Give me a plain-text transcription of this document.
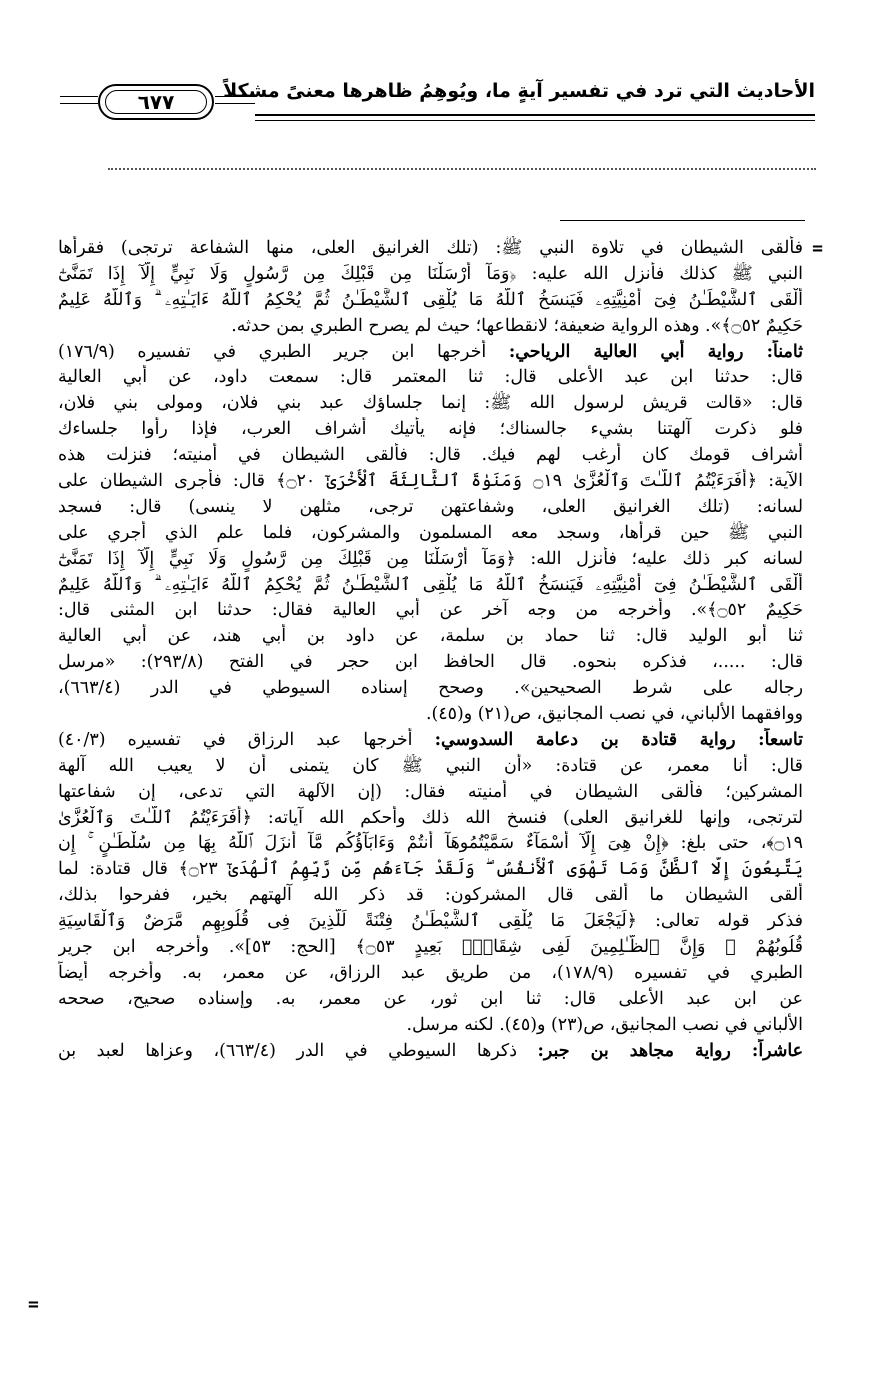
الأحاديث التي ترد في تفسير آيةٍ ما، ويُوهِمُ ظاهرها معنىً مشكلاً
٦٧٧
=
=
فألقى الشيطان في تلاوة النبي ﷺ: (تلك الغرانيق العلى، منها الشفاعة ترتجى) فقرأها
النبي ﷺ كذلك فأنزل الله عليه: ﴿وَمَآ أَرْسَلْنَا مِن قَبْلِكَ مِن رَّسُولٍ وَلَا نَبِيٍّ إِلَّآ إِذَا تَمَنَّىٰٓ
أَلْقَى ٱلشَّيْطَـٰنُ فِىٓ أُمْنِيَّتِهِۦ فَيَنسَخُ ٱللَّهُ مَا يُلْقِى ٱلشَّيْطَـٰنُ ثُمَّ يُحْكِمُ ٱللَّهُ ءَايَـٰتِهِۦ ۗ وَٱللَّهُ عَلِيمٌ
حَكِيمٌ ۝٥٢﴾». وهذه الرواية ضعيفة؛ لانقطاعها؛ حيث لم يصرح الطبري بمن حدثه.
ثامناً: رواية أبي العالية الرياحي: أخرجها ابن جرير الطبري في تفسيره (١٧٦/٩)
قال: حدثنا ابن عبد الأعلى قال: ثنا المعتمر قال: سمعت داود، عن أبي العالية
قال: «قالت قريش لرسول الله ﷺ: إنما جلساؤك عبد بني فلان، ومولى بني فلان،
فلو ذكرت آلهتنا بشيء جالسناك؛ فإنه يأتيك أشراف العرب، فإذا رأوا جلساءك
أشراف قومك كان أرغب لهم فيك. قال: فألقى الشيطان في أمنيته؛ فنزلت هذه
الآية: ﴿أَفَرَءَيْتُمُ ٱللَّـٰتَ وَٱلْعُزَّىٰ ۝١٩ وَمَنَوٰةَ ٱلثَّالِثَةَ ٱلْأُخْرَىٰٓ ۝٢٠﴾ قال: فأجرى الشيطان على
لسانه: (تلك الغرانيق العلى، وشفاعتهن ترجى، مثلهن لا ينسى) قال: فسجد
النبي ﷺ حين قرأها، وسجد معه المسلمون والمشركون، فلما علم الذي أجري على
لسانه كبر ذلك عليه؛ فأنزل الله: ﴿وَمَآ أَرْسَلْنَا مِن قَبْلِكَ مِن رَّسُولٍ وَلَا نَبِيٍّ إِلَّآ إِذَا تَمَنَّىٰٓ
أَلْقَى ٱلشَّيْطَـٰنُ فِىٓ أُمْنِيَّتِهِۦ فَيَنسَخُ ٱللَّهُ مَا يُلْقِى ٱلشَّيْطَـٰنُ ثُمَّ يُحْكِمُ ٱللَّهُ ءَايَـٰتِهِۦ ۗ وَٱللَّهُ عَلِيمٌ
حَكِيمٌ ۝٥٢﴾». وأخرجه من وجه آخر عن أبي العالية فقال: حدثنا ابن المثنى قال:
ثنا أبو الوليد قال: ثنا حماد بن سلمة، عن داود بن أبي هند، عن أبي العالية
قال: .....، فذكره بنحوه. قال الحافظ ابن حجر في الفتح (٢٩٣/٨): «مرسل
رجاله على شرط الصحيحين». وصحح إسناده السيوطي في الدر (٦٦٣/٤)،
ووافقهما الألباني، في نصب المجانيق، ص(٢١) و(٤٥).
تاسعاً: رواية قتادة بن دعامة السدوسي: أخرجها عبد الرزاق في تفسيره (٤٠/٣)
قال: أنا معمر، عن قتادة: «أن النبي ﷺ كان يتمنى أن لا يعيب الله آلهة
المشركين؛ فألقى الشيطان في أمنيته فقال: (إن الآلهة التي تدعى، إن شفاعتها
لترتجى، وإنها للغرانيق العلى) فنسخ الله ذلك وأحكم الله آياته: ﴿أَفَرَءَيْتُمُ ٱللَّـٰتَ وَٱلْعُزَّىٰ
۝١٩﴾، حتى بلغ: ﴿إِنْ هِىَ إِلَّآ أَسْمَآءٌ سَمَّيْتُمُوهَآ أَنتُمْ وَءَابَآؤُكُم مَّآ أَنزَلَ ٱللَّهُ بِهَا مِن سُلْطَـٰنٍ ۚ إِن
يَتَّبِعُونَ إِلَّا ٱلظَّنَّ وَمَا تَهْوَى ٱلْأَنفُسُ ۖ وَلَقَدْ جَآءَهُم مِّن رَّبِّهِمُ ٱلْهُدَىٰٓ ۝٢٣﴾ قال قتادة: لما
ألقى الشيطان ما ألقى قال المشركون: قد ذكر الله آلهتهم بخير، ففرحوا بذلك،
فذكر قوله تعالى: ﴿لِّيَجْعَلَ مَا يُلْقِى ٱلشَّيْطَـٰنُ فِتْنَةً لِّلَّذِينَ فِى قُلُوبِهِم مَّرَضٌ وَٱلْقَاسِيَةِ
قُلُوبُهُمْ ۗ وَإِنَّ ٱلظَّـٰلِمِينَ لَفِى شِقَاقٍۭ بَعِيدٍ ۝٥٣﴾ [الحج: ٥٣]». وأخرجه ابن جرير
الطبري في تفسيره (١٧٨/٩)، من طريق عبد الرزاق، عن معمر، به. وأخرجه أيضاً
عن ابن عبد الأعلى قال: ثنا ابن ثور، عن معمر، به. وإسناده صحيح، صححه
الألباني في نصب المجانيق، ص(٢٣) و(٤٥). لكنه مرسل.
عاشراً: رواية مجاهد بن جبر: ذكرها السيوطي في الدر (٦٦٣/٤)، وعزاها لعبد بن
